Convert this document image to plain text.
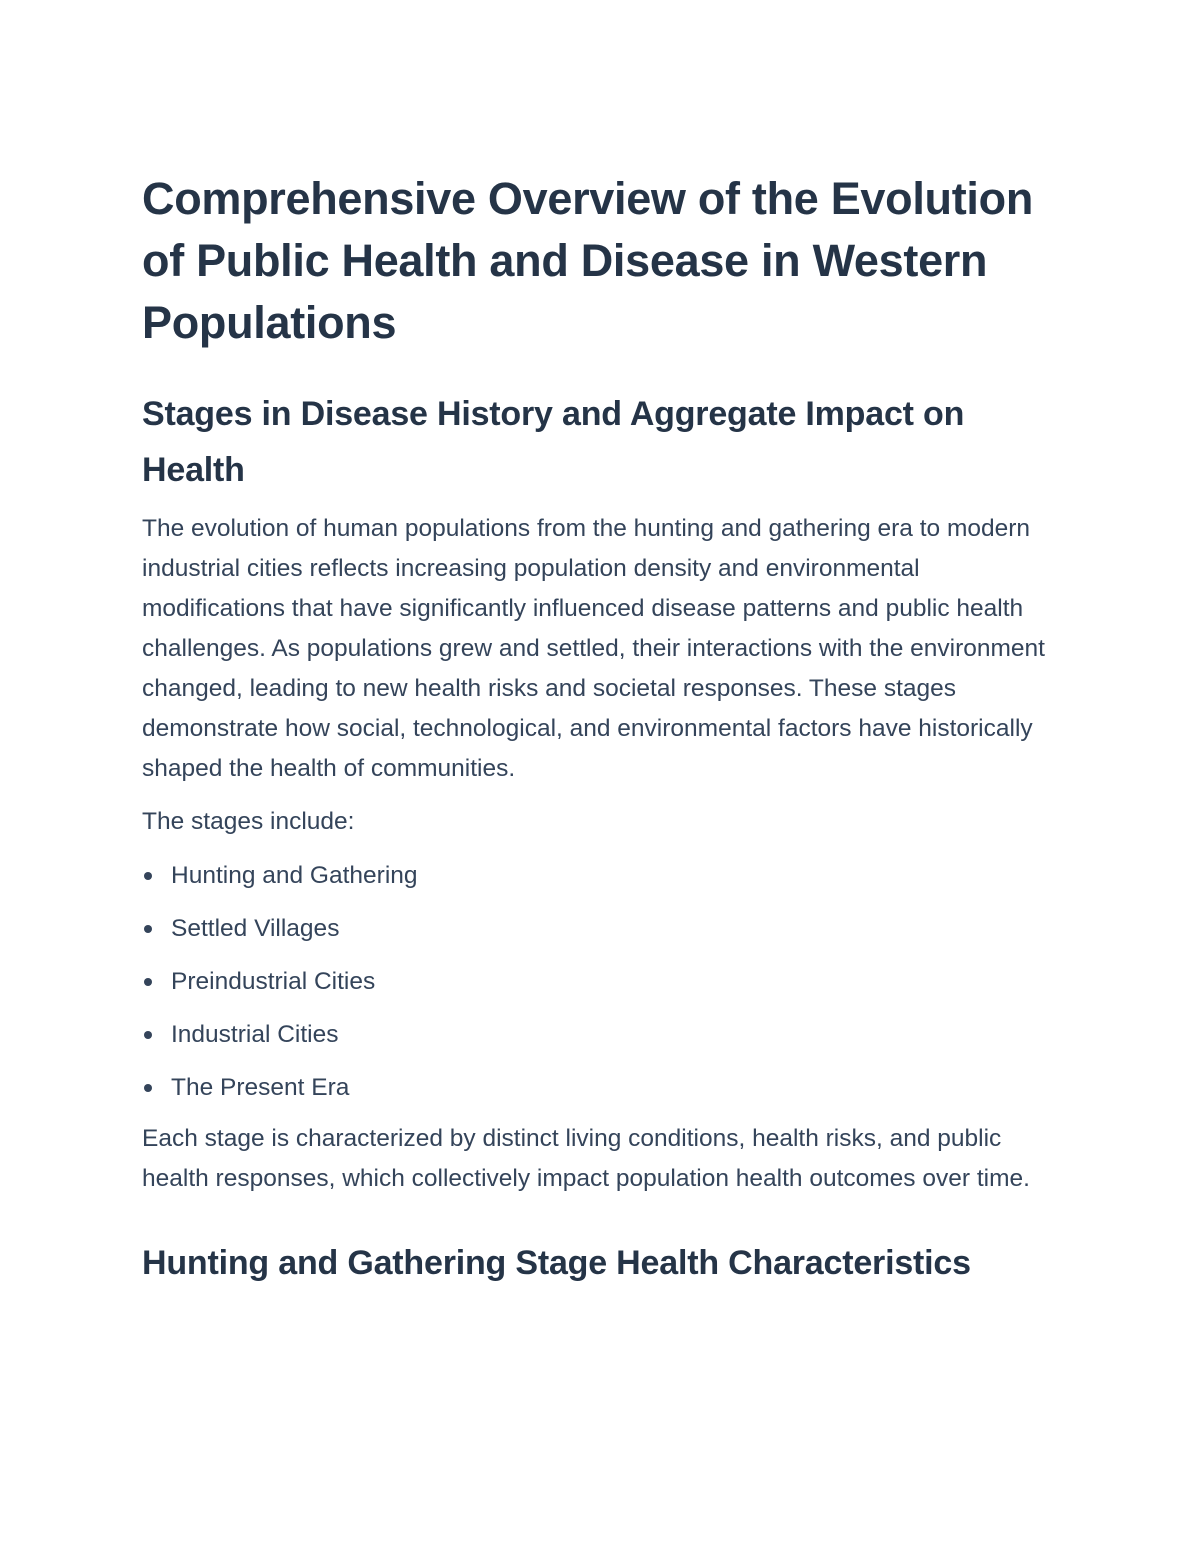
Comprehensive Overview of the Evolution of Public Health and Disease in Western Populations
Stages in Disease History and Aggregate Impact on Health

The evolution of human populations from the hunting and gathering era to modern industrial cities reflects increasing population density and environmental modifications that have significantly influenced disease patterns and public health challenges. As populations grew and settled, their interactions with the environment changed, leading to new health risks and societal responses. These stages demonstrate how social, technological, and environmental factors have historically shaped the health of communities.

The stages include:

Hunting and Gathering
Settled Villages
Preindustrial Cities
Industrial Cities
The Present Era

Each stage is characterized by distinct living conditions, health risks, and public health responses, which collectively impact population health outcomes over time.

Hunting and Gathering Stage Health Characteristics
